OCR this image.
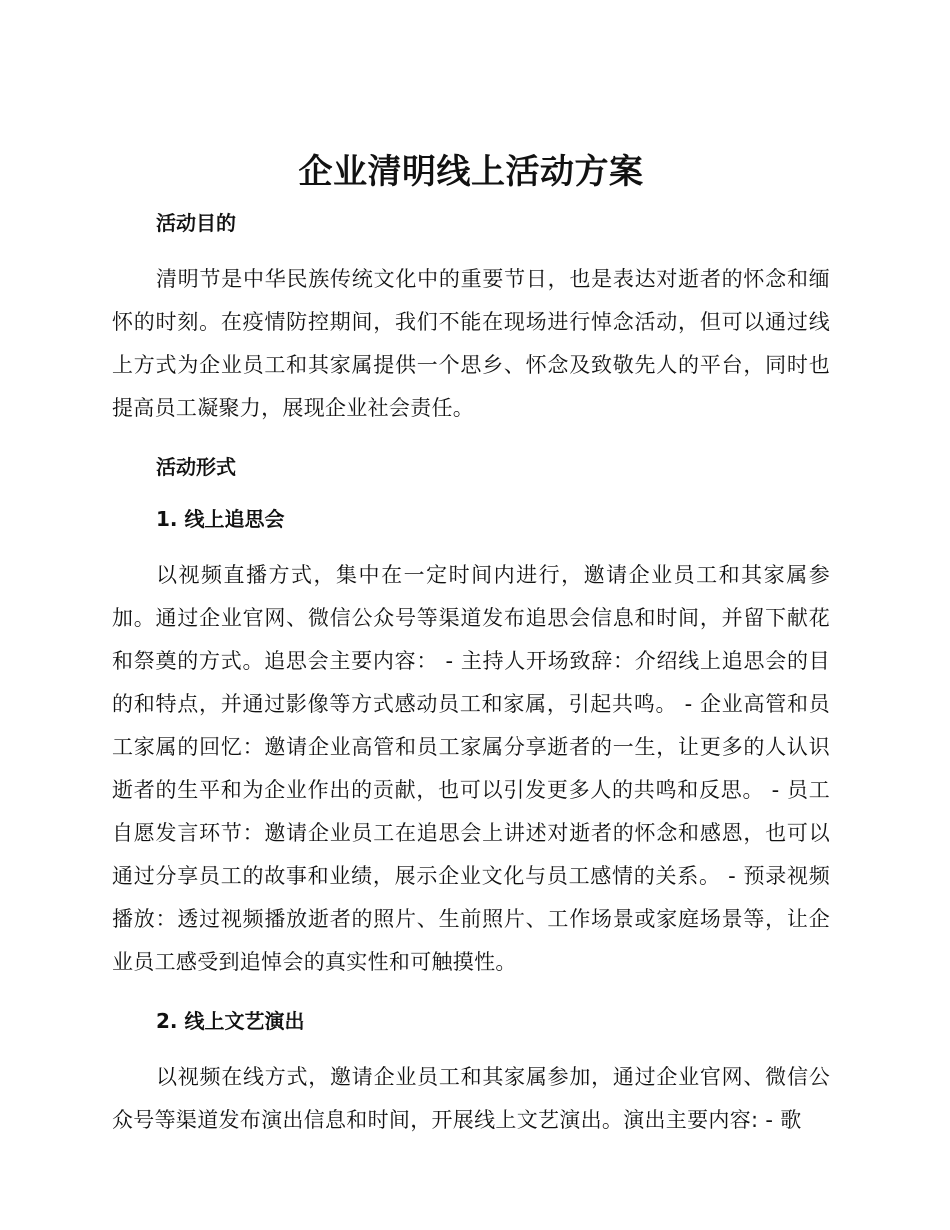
企业清明线上活动方案
活动目的

清明节是中华民族传统文化中的重要节日，也是表达对逝者的怀念和缅怀的时刻。在疫情防控期间，我们不能在现场进行悼念活动，但可以通过线上方式为企业员工和其家属提供一个思乡、怀念及致敬先人的平台，同时也提高员工凝聚力，展现企业社会责任。

活动形式
1. 线上追思会

以视频直播方式，集中在一定时间内进行，邀请企业员工和其家属参加。通过企业官网、微信公众号等渠道发布追思会信息和时间，并留下献花和祭奠的方式。追思会主要内容： - 主持人开场致辞：介绍线上追思会的目的和特点，并通过影像等方式感动员工和家属，引起共鸣。 - 企业高管和员工家属的回忆：邀请企业高管和员工家属分享逝者的一生，让更多的人认识逝者的生平和为企业作出的贡献，也可以引发更多人的共鸣和反思。 - 员工自愿发言环节：邀请企业员工在追思会上讲述对逝者的怀念和感恩，也可以通过分享员工的故事和业绩，展示企业文化与员工感情的关系。 - 预录视频播放：透过视频播放逝者的照片、生前照片、工作场景或家庭场景等，让企业员工感受到追悼会的真实性和可触摸性。

2. 线上文艺演出

以视频在线方式，邀请企业员工和其家属参加，通过企业官网、微信公众号等渠道发布演出信息和时间，开展线上文艺演出。演出主要内容: - 歌
